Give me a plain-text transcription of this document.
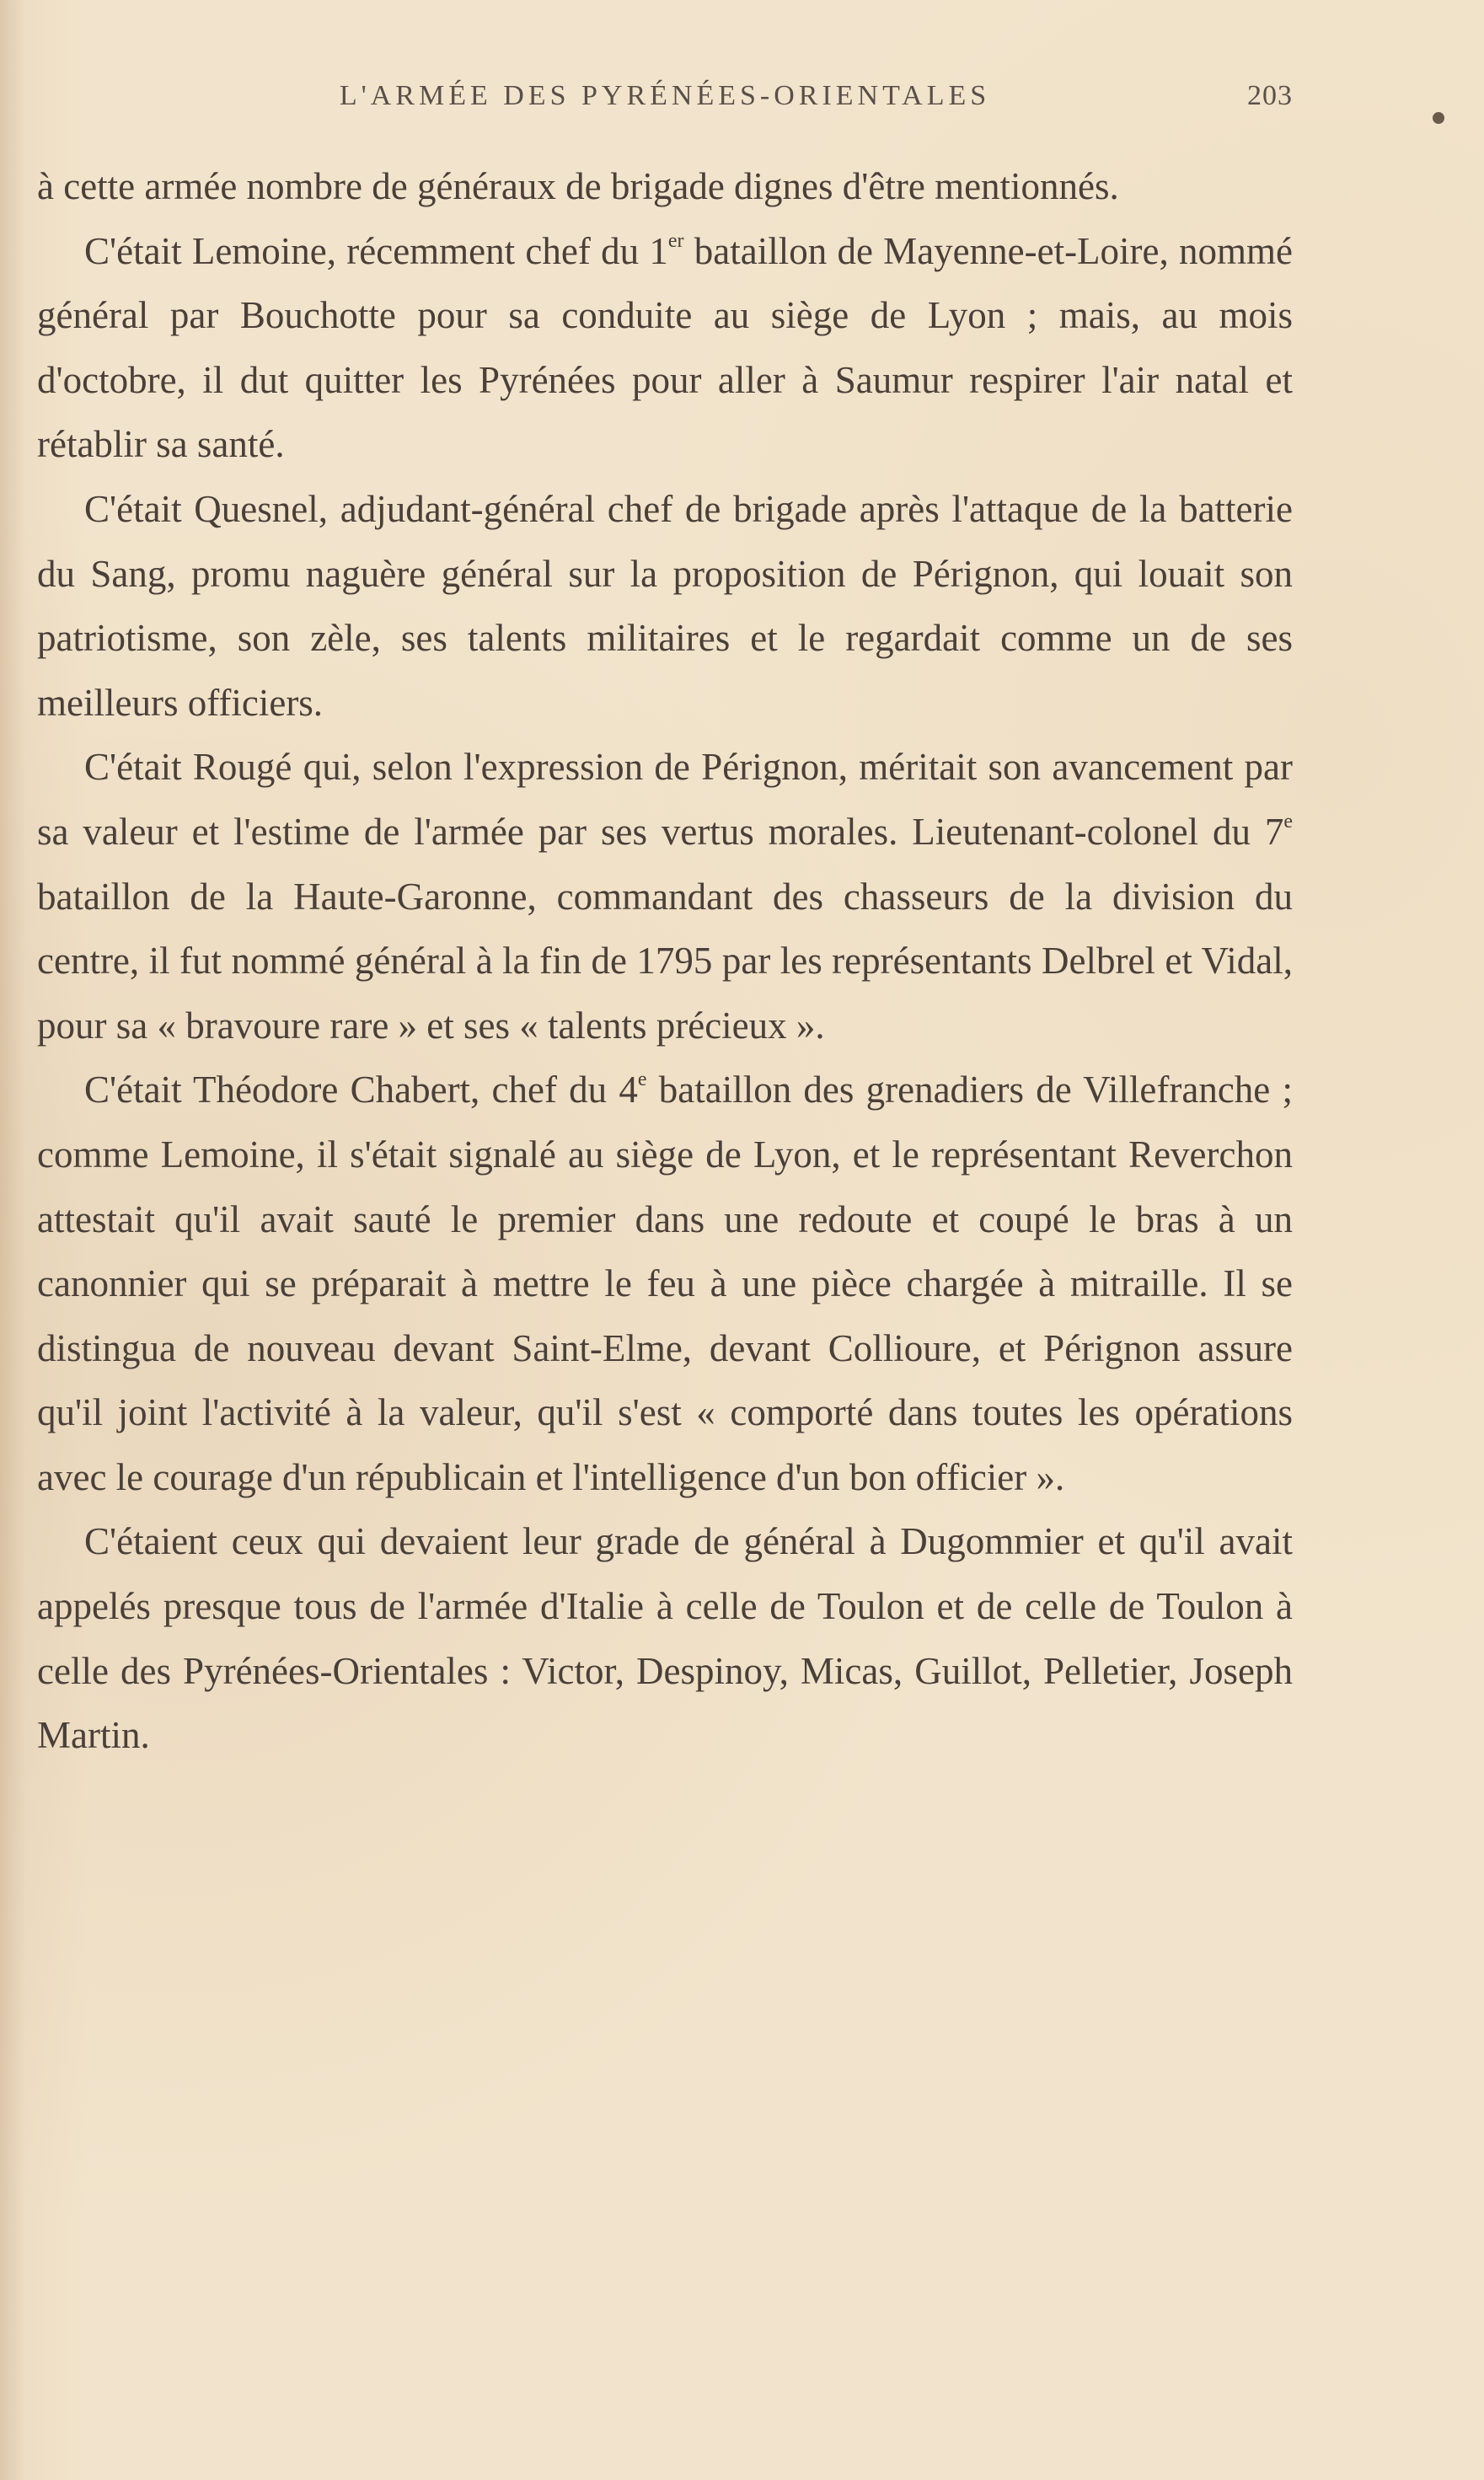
L'ARMÉE DES PYRÉNÉES-ORIENTALES	203

à cette armée nombre de généraux de brigade dignes d'être mentionnés.

C'était Lemoine, récemment chef du 1er bataillon de Mayenne-et-Loire, nommé général par Bouchotte pour sa conduite au siège de Lyon ; mais, au mois d'octobre, il dut quitter les Pyrénées pour aller à Saumur respirer l'air natal et rétablir sa santé.

C'était Quesnel, adjudant-général chef de brigade après l'attaque de la batterie du Sang, promu naguère général sur la proposition de Pérignon, qui louait son patriotisme, son zèle, ses talents militaires et le regardait comme un de ses meilleurs officiers.

C'était Rougé qui, selon l'expression de Pérignon, méritait son avancement par sa valeur et l'estime de l'armée par ses vertus morales. Lieutenant-colonel du 7e bataillon de la Haute-Garonne, commandant des chasseurs de la division du centre, il fut nommé général à la fin de 1795 par les représentants Delbrel et Vidal, pour sa « bravoure rare » et ses « talents précieux ».

C'était Théodore Chabert, chef du 4e bataillon des grenadiers de Villefranche ; comme Lemoine, il s'était signalé au siège de Lyon, et le représentant Reverchon attestait qu'il avait sauté le premier dans une redoute et coupé le bras à un canonnier qui se préparait à mettre le feu à une pièce chargée à mitraille. Il se distingua de nouveau devant Saint-Elme, devant Collioure, et Pérignon assure qu'il joint l'activité à la valeur, qu'il s'est « comporté dans toutes les opérations avec le courage d'un républicain et l'intelligence d'un bon officier ».

C'étaient ceux qui devaient leur grade de général à Dugommier et qu'il avait appelés presque tous de l'armée d'Italie à celle de Toulon et de celle de Toulon à celle des Pyrénées-Orientales : Victor, Despinoy, Micas, Guillot, Pelletier, Joseph Martin.
